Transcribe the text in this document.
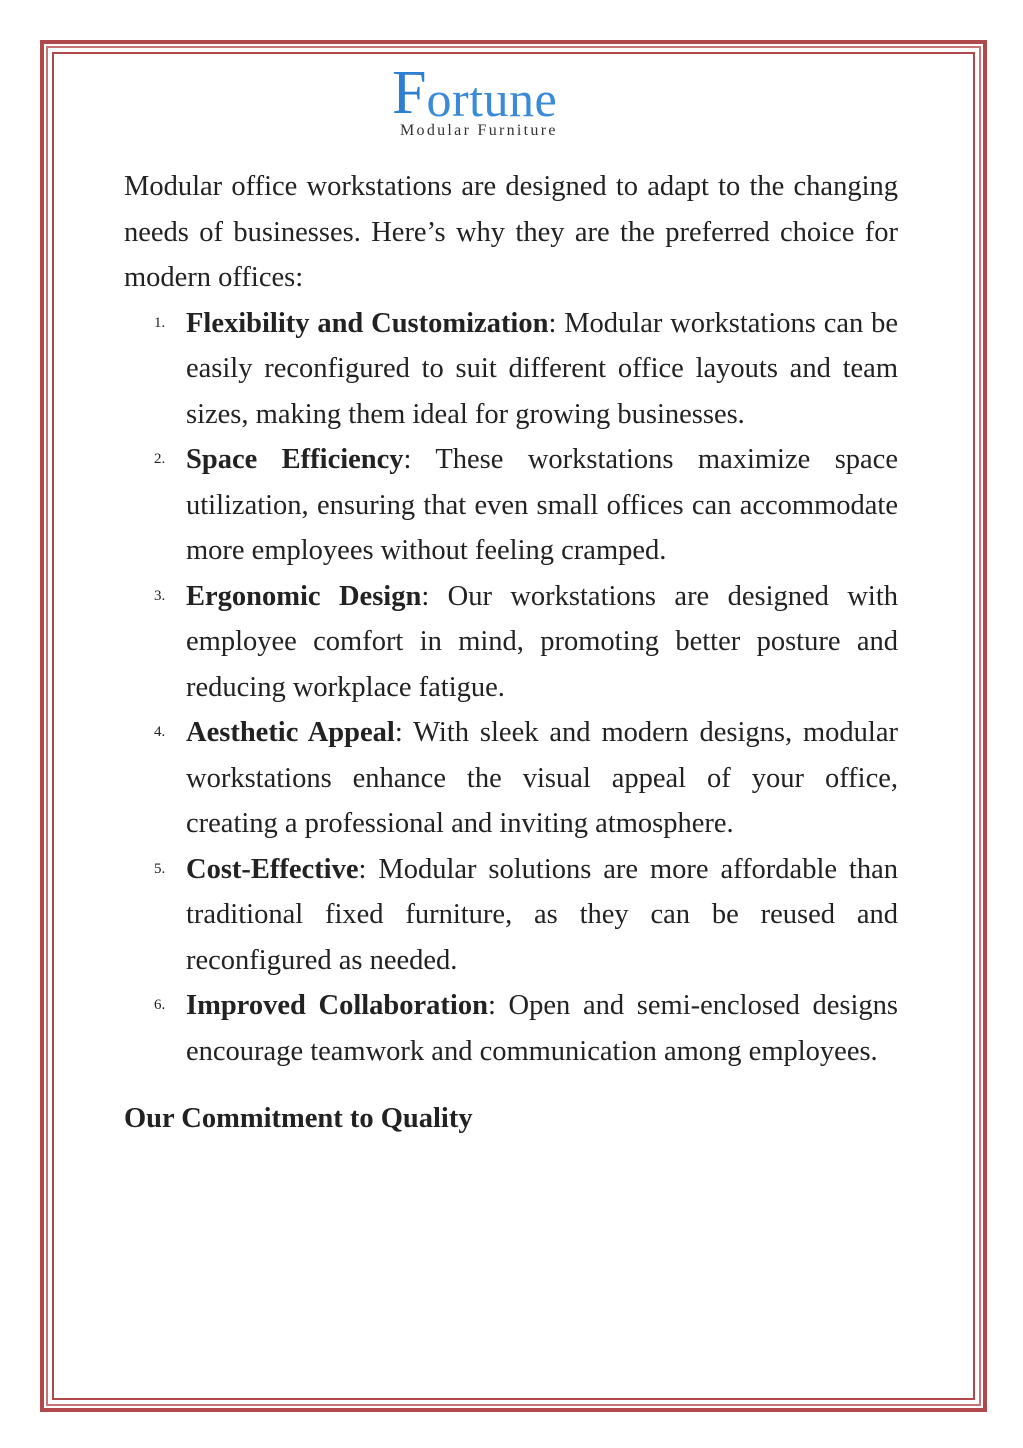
F ortune
Modular Furniture

Modular office workstations are designed to adapt to the changing needs of businesses. Here’s why they are the preferred choice for modern offices:

1. Flexibility and Customization: Modular workstations can be easily reconfigured to suit different office layouts and team sizes, making them ideal for growing businesses.
2. Space Efficiency: These workstations maximize space utilization, ensuring that even small offices can accommodate more employees without feeling cramped.
3. Ergonomic Design: Our workstations are designed with employee comfort in mind, promoting better posture and reducing workplace fatigue.
4. Aesthetic Appeal: With sleek and modern designs, modular workstations enhance the visual appeal of your office, creating a professional and inviting atmosphere.
5. Cost-Effective: Modular solutions are more affordable than traditional fixed furniture, as they can be reused and reconfigured as needed.
6. Improved Collaboration: Open and semi-enclosed designs encourage teamwork and communication among employees.
Our Commitment to Quality
